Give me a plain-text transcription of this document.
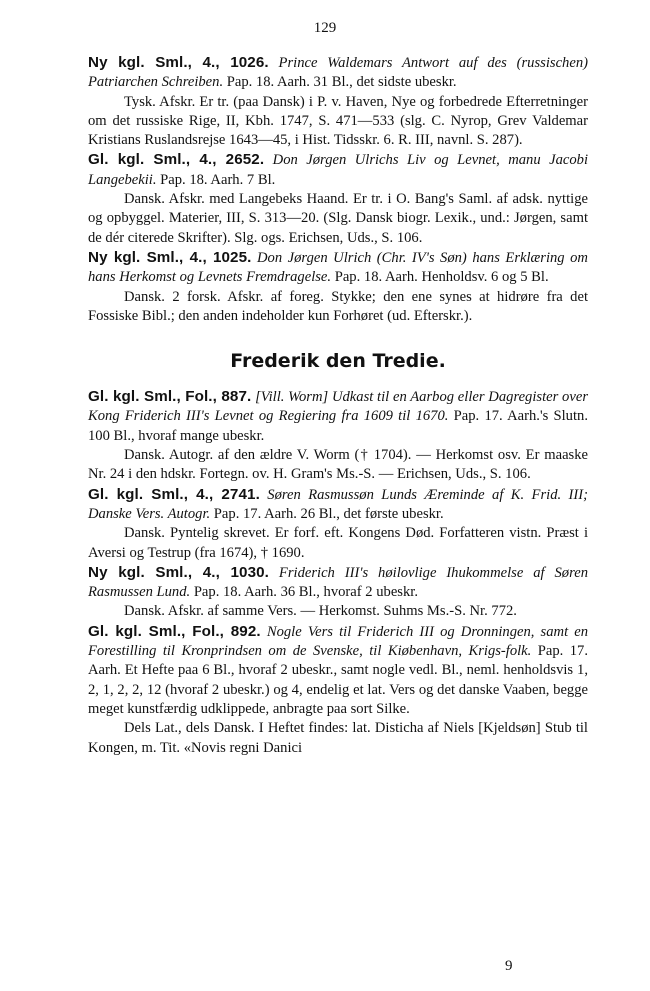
129

Ny kgl. Sml., 4., 1026. Prince Waldemars Antwort auf des (russischen) Patriarchen Schreiben. Pap. 18. Aarh. 31 Bl., det sidste ubeskr.

Tysk. Afskr. Er tr. (paa Dansk) i P. v. Haven, Nye og forbedrede Efterretninger om det russiske Rige, II, Kbh. 1747, S. 471—533 (slg. C. Nyrop, Grev Valdemar Kristians Ruslandsrejse 1643—45, i Hist. Tidsskr. 6. R. III, navnl. S. 287).

Gl. kgl. Sml., 4., 2652. Don Jørgen Ulrichs Liv og Levnet, manu Jacobi Langebekii. Pap. 18. Aarh. 7 Bl.

Dansk. Afskr. med Langebeks Haand. Er tr. i O. Bang's Saml. af adsk. nyttige og opbyggel. Materier, III, S. 313—20. (Slg. Dansk biogr. Lexik., und.: Jørgen, samt de dér citerede Skrifter). Slg. ogs. Erichsen, Uds., S. 106.

Ny kgl. Sml., 4., 1025. Don Jørgen Ulrich (Chr. IV's Søn) hans Erklæring om hans Herkomst og Levnets Fremdragelse. Pap. 18. Aarh. Henholdsv. 6 og 5 Bl.

Dansk. 2 forsk. Afskr. af foreg. Stykke; den ene synes at hidrøre fra det Fossiske Bibl.; den anden indeholder kun Forhøret (ud. Efterskr.).

Frederik den Tredie.

Gl. kgl. Sml., Fol., 887. [Vill. Worm] Udkast til en Aarbog eller Dagregister over Kong Friderich III's Levnet og Regiering fra 1609 til 1670. Pap. 17. Aarh.'s Slutn. 100 Bl., hvoraf mange ubeskr.

Dansk. Autogr. af den ældre V. Worm († 1704). — Herkomst osv. Er maaske Nr. 24 i den hdskr. Fortegn. ov. H. Gram's Ms.-S. — Erichsen, Uds., S. 106.

Gl. kgl. Sml., 4., 2741. Søren Rasmussøn Lunds Æreminde af K. Frid. III; Danske Vers. Autogr. Pap. 17. Aarh. 26 Bl., det første ubeskr.

Dansk. Pyntelig skrevet. Er forf. eft. Kongens Død. Forfatteren vistn. Præst i Aversi og Testrup (fra 1674), † 1690.

Ny kgl. Sml., 4., 1030. Friderich III's høilovlige Ihukommelse af Søren Rasmussen Lund. Pap. 18. Aarh. 36 Bl., hvoraf 2 ubeskr.

Dansk. Afskr. af samme Vers. — Herkomst. Suhms Ms.-S. Nr. 772.

Gl. kgl. Sml., Fol., 892. Nogle Vers til Friderich III og Dronningen, samt en Forestilling til Kronprindsen om de Svenske, til Kiøbenhavn, Krigs-folk. Pap. 17. Aarh. Et Hefte paa 6 Bl., hvoraf 2 ubeskr., samt nogle vedl. Bl., neml. henholdsvis 1, 2, 1, 2, 2, 12 (hvoraf 2 ubeskr.) og 4, endelig et lat. Vers og det danske Vaaben, begge meget kunstfærdig udklippede, anbragte paa sort Silke.

Dels Lat., dels Dansk. I Heftet findes: lat. Disticha af Niels [Kjeldsøn] Stub til Kongen, m. Tit. «Novis regni Danici

9
